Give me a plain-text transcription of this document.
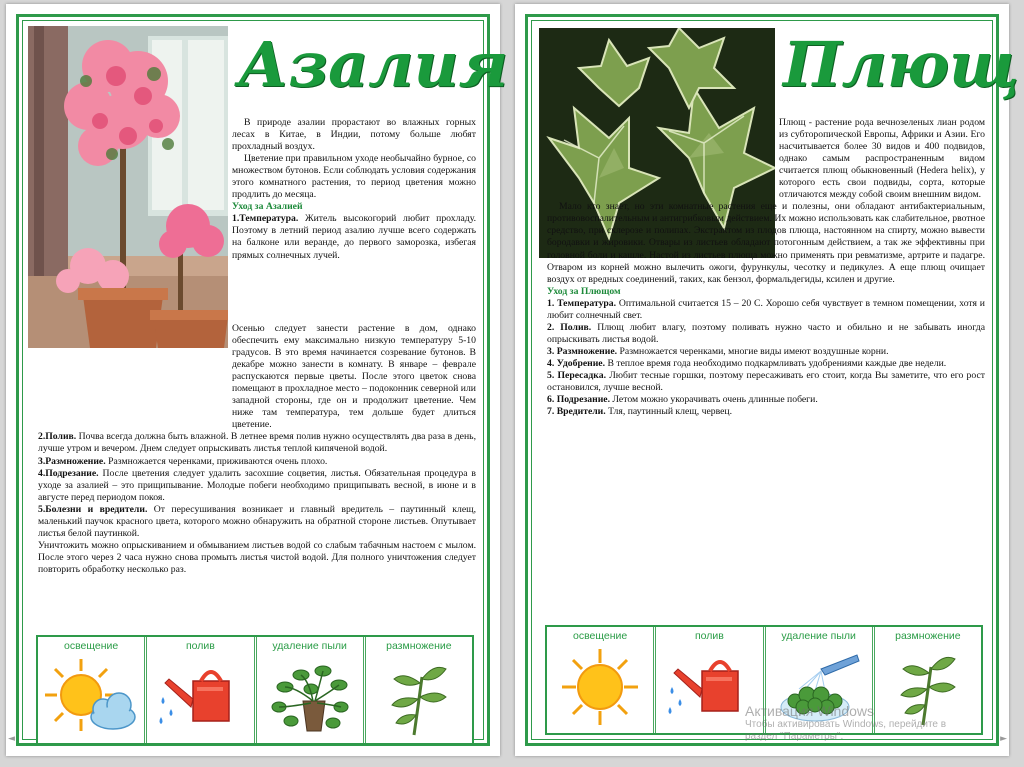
Азалия

В природе азалии прорастают во влажных горных лесах в Китае, в Индии, потому больше любят прохладный воздух.

Цветение при правильном уходе необычайно бурное, со множеством бутонов. Если соблюдать условия содержания этого комнатного растения, то период цветения можно продлить до месяца.

Уход за Азалией

1.Температура. Житель высокогорий любит прохладу. Поэтому в летний период азалию лучше всего содержать на балконе или веранде, до первого заморозка, избегая прямых солнечных лучей.

Осенью следует занести растение в дом, однако обеспечить ему максимально низкую температуру 5-10 градусов. В это время начинается созревание бутонов. В декабре можно занести в комнату. В январе – феврале распускаются первые цветы. После этого цветок снова помещают в прохладное место – подоконник северной или западной стороны, где он и продолжит цветение. Чем ниже там температура, тем дольше будет длиться цветение.

2.Полив. Почва всегда должна быть влажной. В летнее время полив нужно осуществлять два раза в день, лучше утром и вечером. Днем следует опрыскивать листья теплой кипяченой водой.

3.Размножение. Размножается черенками, приживаются очень плохо.

4.Подрезание. После цветения следует удалить засохшие соцветия, листья. Обязательная процедура в уходе за азалией – это прищипывание. Молодые побеги необходимо прищипывать весной, в июне и в августе перед периодом покоя.

5.Болезни и вредители. От пересушивания возникает и главный вредитель – паутинный клещ, маленький паучок красного цвета, которого можно обнаружить на обратной стороне листьев. Опутывает листья белой паутинкой.

Уничтожить можно опрыскиванием и обмыванием листьев водой со слабым табачным настоем с мылом. После этого через 2 часа нужно снова промыть листья чистой водой. Для полного уничтожения следует повторить обработку несколько раз.

освещение	полив	удаление пыли	размножение
◄
Плющ

Плющ - растение рода вечнозеленых лиан родом из субторопической Европы, Африки и Азии. Его насчитывается более 30 видов и 400 подвидов, однако самым распространенным видом считается плющ обыкновенный (Hedera helix), у которого есть свои подвиды, сорта, которые отличаются между собой своим внешним видом.

Мало кто знает, но эти комнатные растения еще и полезны, они обладают антибактериальным, противовоспалительным и антигрибковым действием. Их можно использовать как слабительное, рвотное средство, при склерозе и полипах. Экстрактом из плодов плюща, настоянном на спирту, можно вывести бородавки и жировики. Отвары из листьев обладают потогонным действием, а так же эффективны при головной боли и кашле. Настой из листьев плюща можно применять при ревматизме, артрите и падагре. Отваром из корней можно вылечить ожоги, фурункулы, чесотку и педикулез. А еще плющ очищает воздух от вредных соединений, таких, как бензол, формальдегиды, ксилен и другие.

Уход за Плющом

1. Температура. Оптимальной считается 15 – 20 С. Хорошо себя чувствует в темном помещении, хотя и любит солнечный свет.

2. Полив. Плющ любит влагу, поэтому поливать нужно часто и обильно и не забывать иногда опрыскивать листья водой.

3. Размножение. Размножается черенками, многие виды имеют воздушные корни.

4. Удобрение. В теплое время года необходимо подкармливать удобрениями каждые две недели.

5. Пересадка. Любит тесные горшки, поэтому пересаживать его стоит, когда Вы заметите, что его рост остановился, лучше весной.

6. Подрезание. Летом можно укорачивать очень длинные побеги.

7. Вредители. Тля, паутинный клещ, червец.

освещение	полив	удаление пыли	размножение
►
Активация Windows
Чтобы активировать Windows, перейдите в
раздел "Параметры".
